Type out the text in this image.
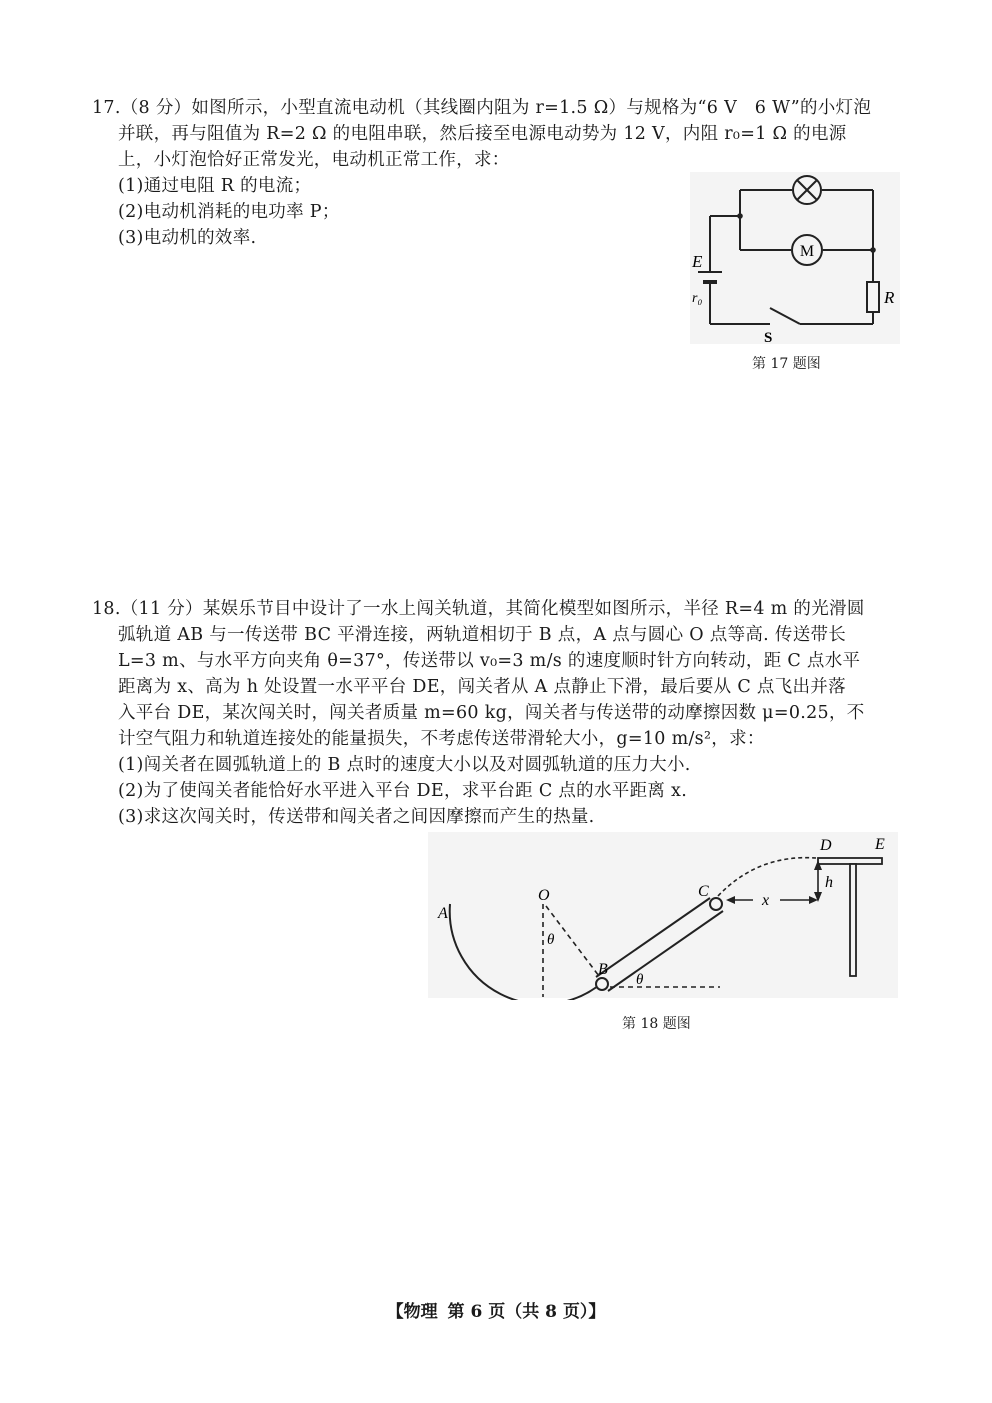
17.（8 分）如图所示，小型直流电动机（其线圈内阻为 r=1.5 Ω）与规格为“6 V　6 W”的小灯泡
并联，再与阻值为 R=2 Ω 的电阻串联，然后接至电源电动势为 12 V，内阻 r₀=1 Ω 的电源
上，小灯泡恰好正常发光，电动机正常工作，求：
(1)通过电阻 R 的电流；
(2)电动机消耗的电功率 P；
(3)电动机的效率.
M
E
r₀	R
S
第 17 题图
18.（11 分）某娱乐节目中设计了一水上闯关轨道，其简化模型如图所示，半径 R=4 m 的光滑圆
弧轨道 AB 与一传送带 BC 平滑连接，两轨道相切于 B 点，A 点与圆心 O 点等高. 传送带长
L=3 m、与水平方向夹角 θ=37°，传送带以 v₀=3 m/s 的速度顺时针方向转动，距 C 点水平
距离为 x、高为 h 处设置一水平平台 DE，闯关者从 A 点静止下滑，最后要从 C 点飞出并落
入平台 DE，某次闯关时，闯关者质量 m=60 kg，闯关者与传送带的动摩擦因数 μ=0.25，不
计空气阻力和轨道连接处的能量损失，不考虑传送带滑轮大小，g=10 m/s²，求：
(1)闯关者在圆弧轨道上的 B 点时的速度大小以及对圆弧轨道的压力大小.
(2)为了使闯关者能恰好水平进入平台 DE，求平台距 C 点的水平距离 x.
(3)求这次闯关时，传送带和闯关者之间因摩擦而产生的热量.
A
O
θ
B
θ
C
x
D	E
h
第 18 题图
【物理 第 6 页（共 8 页）】
